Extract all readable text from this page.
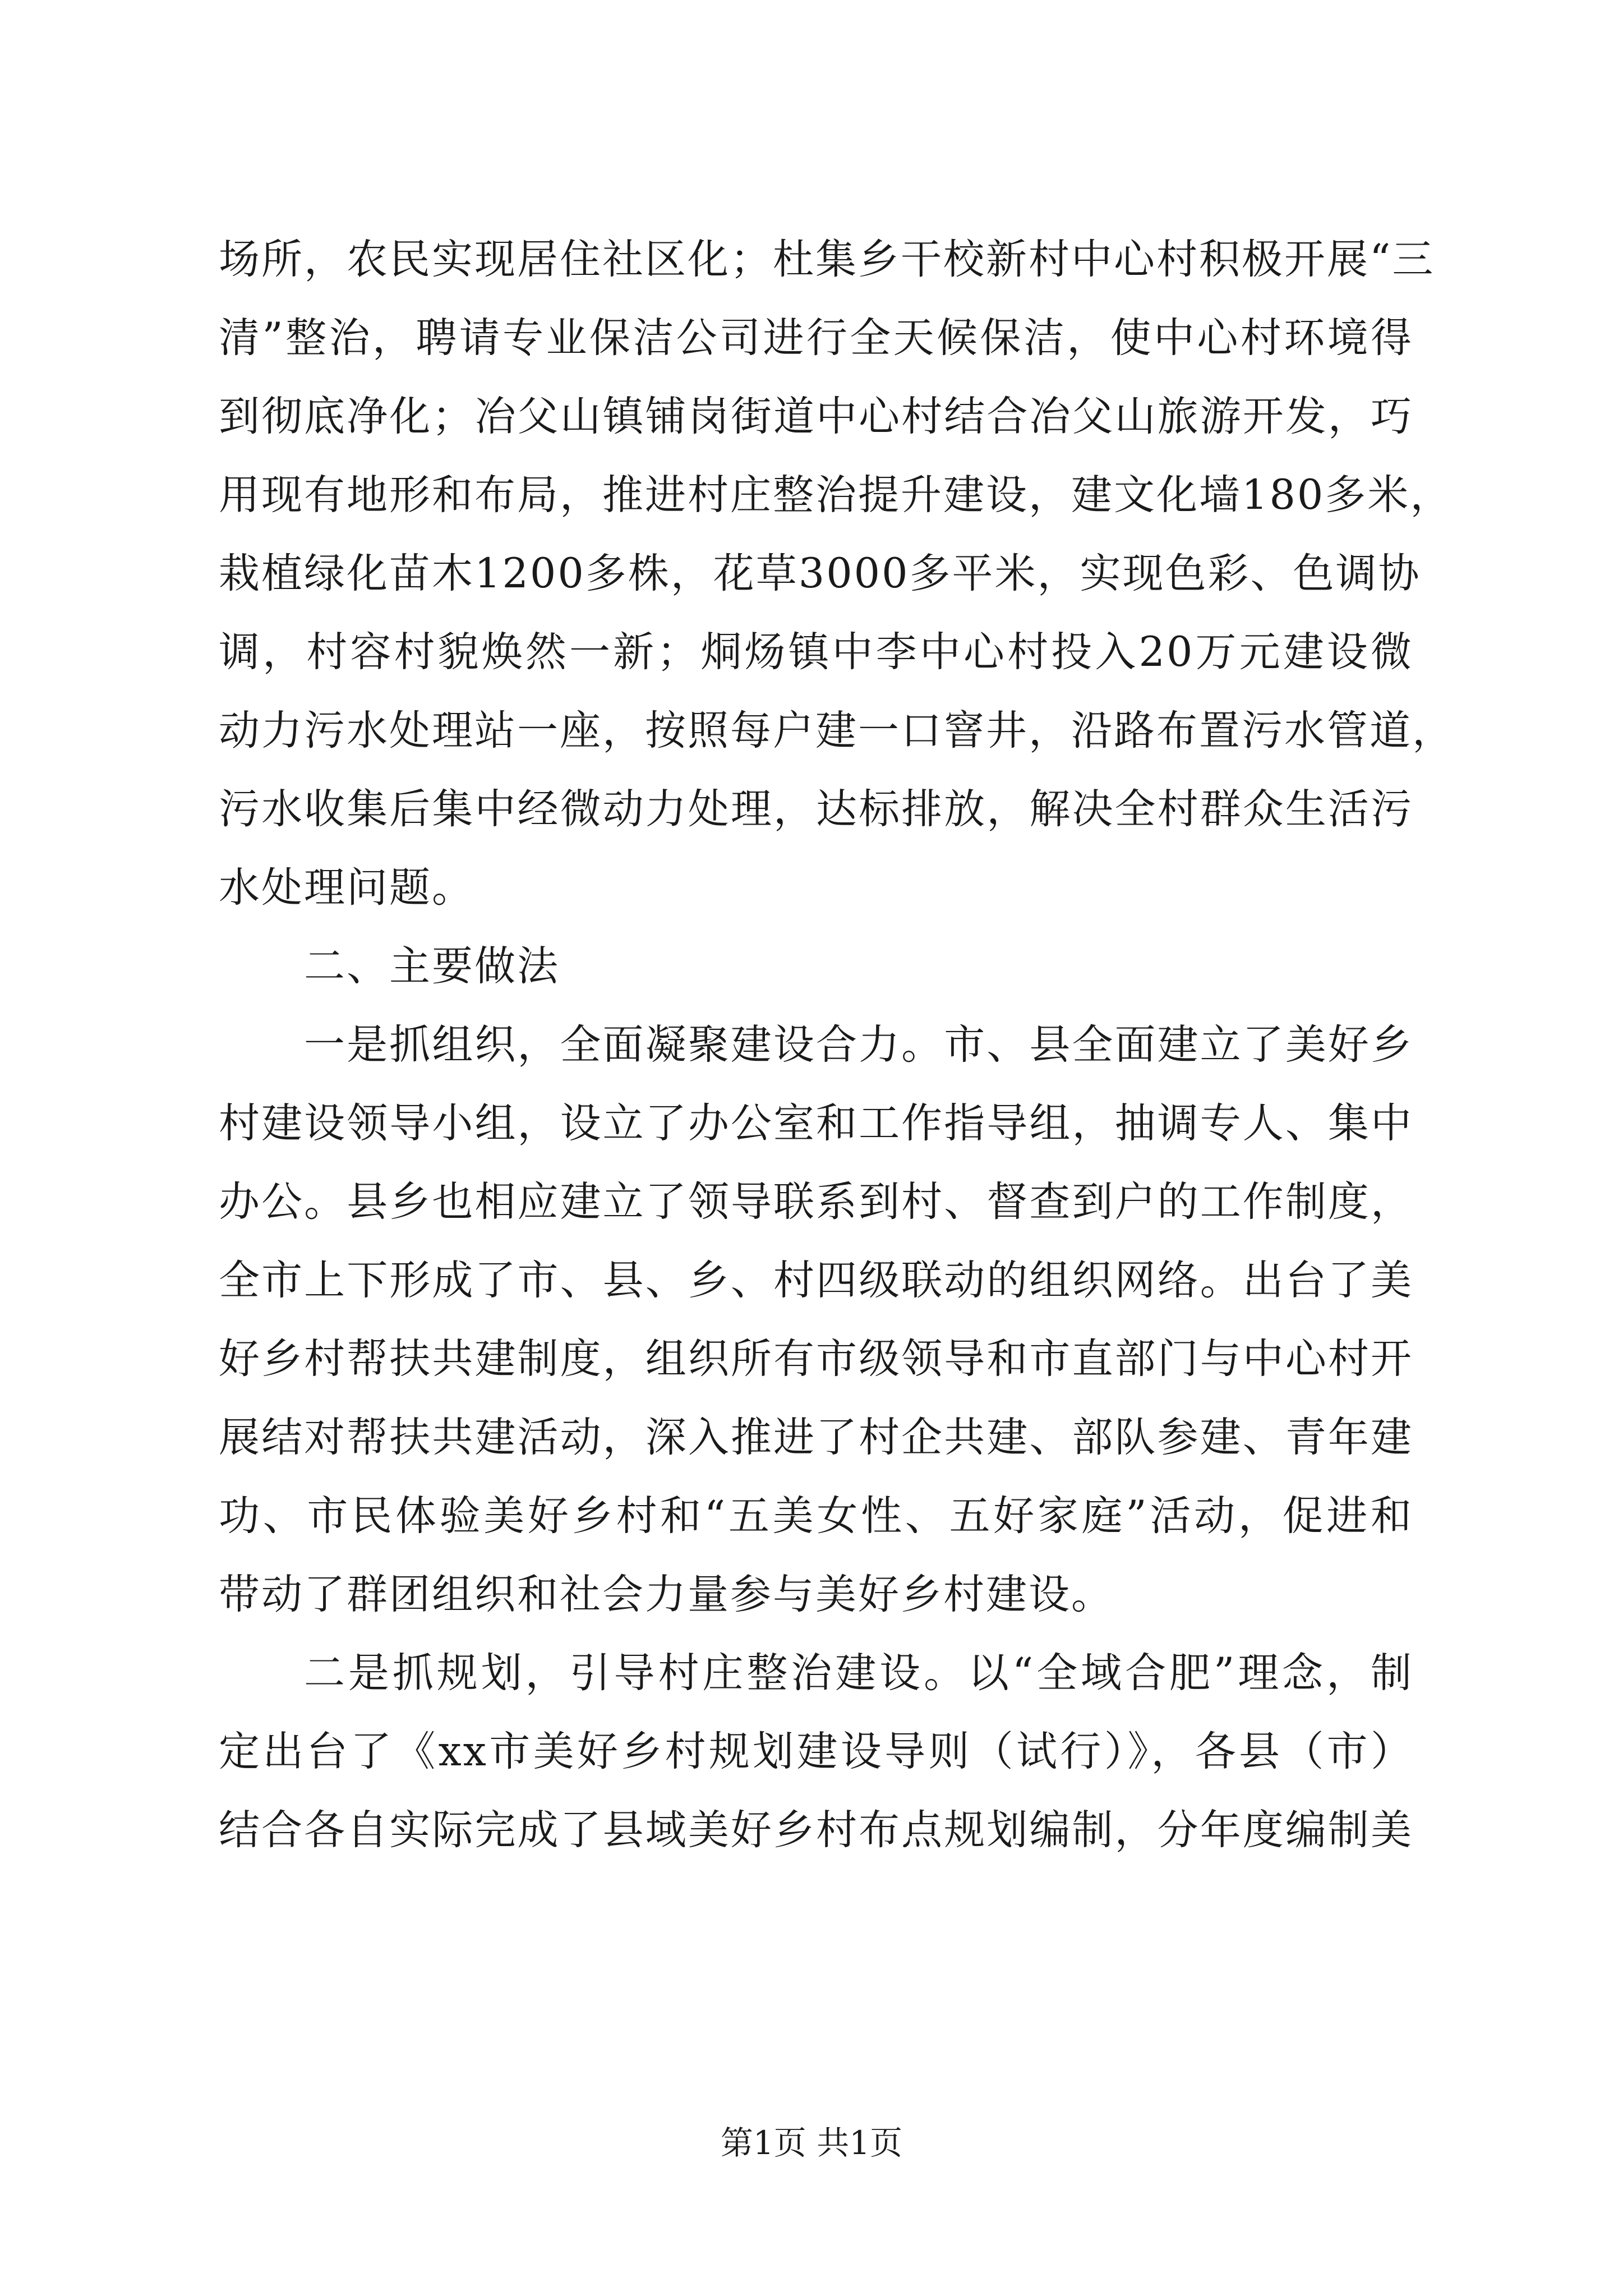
场所，农民实现居住社区化；杜集乡干校新村中心村积极开展“三
清”整治，聘请专业保洁公司进行全天候保洁，使中心村环境得
到彻底净化；冶父山镇铺岗街道中心村结合冶父山旅游开发，巧
用现有地形和布局，推进村庄整治提升建设，建文化墙180多米，
栽植绿化苗木1200多株，花草3000多平米，实现色彩、色调协
调，村容村貌焕然一新；烔炀镇中李中心村投入20万元建设微
动力污水处理站一座，按照每户建一口窨井，沿路布置污水管道，
污水收集后集中经微动力处理，达标排放，解决全村群众生活污
水处理问题。
二、主要做法
一是抓组织，全面凝聚建设合力。市、县全面建立了美好乡
村建设领导小组，设立了办公室和工作指导组，抽调专人、集中
办公。县乡也相应建立了领导联系到村、督查到户的工作制度，
全市上下形成了市、县、乡、村四级联动的组织网络。出台了美
好乡村帮扶共建制度，组织所有市级领导和市直部门与中心村开
展结对帮扶共建活动，深入推进了村企共建、部队参建、青年建
功、市民体验美好乡村和“五美女性、五好家庭”活动，促进和
带动了群团组织和社会力量参与美好乡村建设。
二是抓规划，引导村庄整治建设。以“全域合肥”理念，制
定出台了《xx市美好乡村规划建设导则（试行）》，各县（市）
结合各自实际完成了县域美好乡村布点规划编制，分年度编制美
第1页 共1页
